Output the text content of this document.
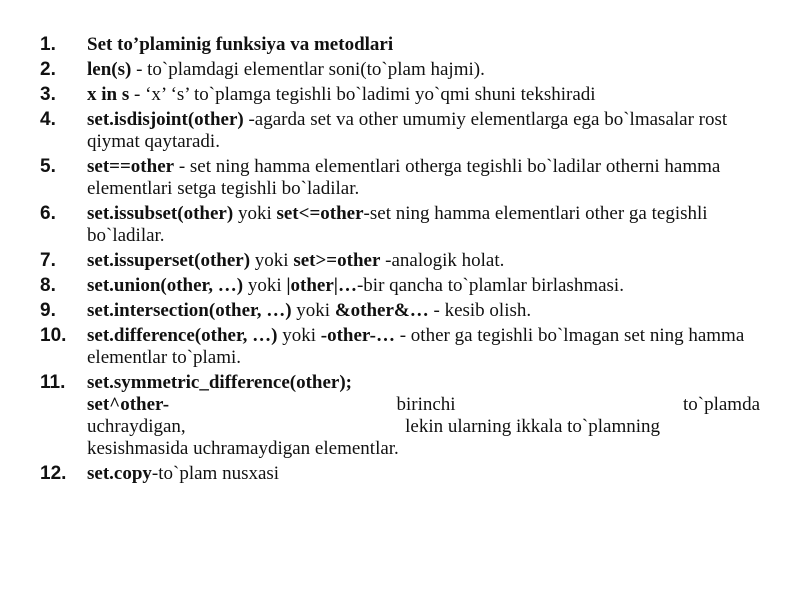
1.	Set to’plaminig funksiya va metodlari
2.	len(s) - to`plamdagi elementlar soni(to`plam hajmi).
3.	x in s - ‘x’ ‘s’ to`plamga tegishli bo`ladimi yo`qmi shuni tekshiradi
4.	set.isdisjoint(other) -agarda set va other umumiy elementlarga ega bo`lmasalar rost qiymat qaytaradi.
5.	set==other - set ning hamma elementlari otherga tegishli bo`ladilar otherni hamma elementlari setga tegishli bo`ladilar.
6.	set.issubset(other) yoki set<=other-set ning hamma elementlari other ga tegishli bo`ladilar.
7.	set.issuperset(other) yoki set>=other -analogik holat.
8.	set.union(other, …) yoki |other|…-bir qancha to`plamlar birlashmasi.
9.	set.intersection(other, …) yoki &other&… - kesib olish.
10.	set.difference(other, …) yoki -other-… - other ga tegishli bo`lmagan set ning hamma elementlar to`plami.
11.	set.symmetric_difference(other);
set^other-	birinchi	to`plamda
uchraydigan,	lekin ularning ikkala to`plamning
kesishmasida uchramaydigan elementlar.
12.	set.copy-to`plam nusxasi
